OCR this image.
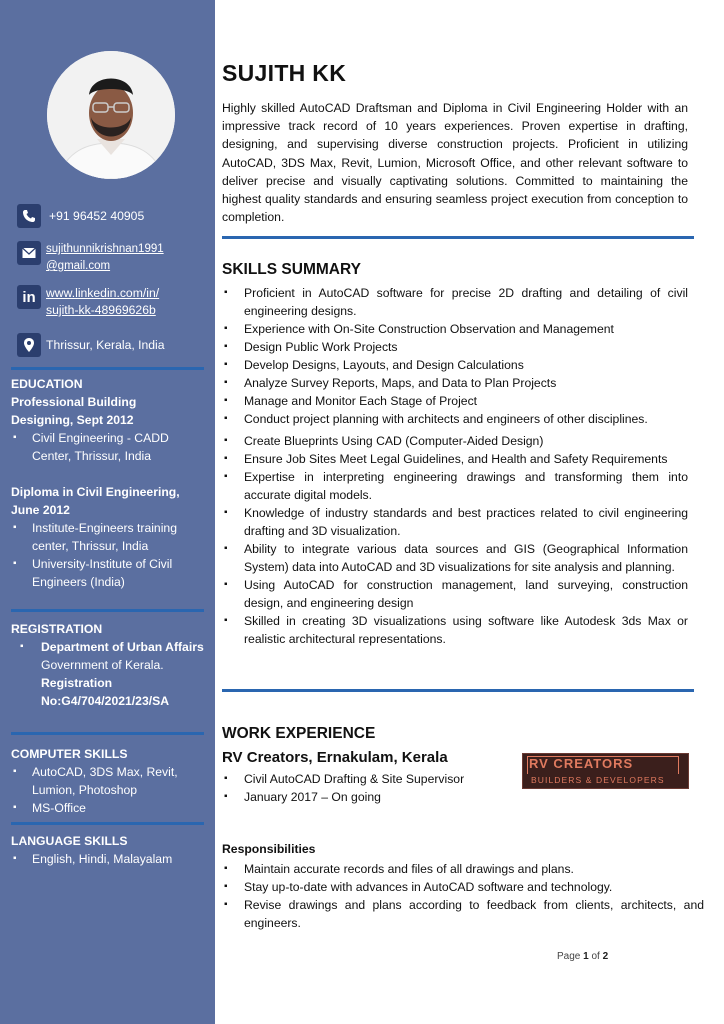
+91 96452 40905
sujithunnikrishnan1991
@gmail.com
in www.linkedin.com/in/
sujith-kk-48969626b
Thrissur, Kerala, India
EDUCATION
Professional Building
Designing, Sept 2012
▪ Civil Engineering - CADD Center, Thrissur, India
Diploma in Civil Engineering,
June 2012
▪ Institute-Engineers training center, Thrissur, India
▪ University-Institute of Civil Engineers (India)
REGISTRATION
▪ Department of Urban Affairs
Government of Kerala.
Registration
No:G4/704/2021/23/SA
COMPUTER SKILLS
▪ AutoCAD, 3DS Max, Revit, Lumion, Photoshop
▪ MS-Office
LANGUAGE SKILLS
▪ English, Hindi, Malayalam
SUJITH KK
Highly skilled AutoCAD Draftsman and Diploma in Civil Engineering Holder with an impressive track record of 10 years experiences. Proven expertise in drafting, designing, and supervising diverse construction projects. Proficient in utilizing AutoCAD, 3DS Max, Revit, Lumion, Microsoft Office, and other relevant software to deliver precise and visually captivating solutions. Committed to maintaining the highest quality standards and ensuring seamless project execution from conception to completion.
SKILLS SUMMARY
▪ Proficient in AutoCAD software for precise 2D drafting and detailing of civil engineering designs.
▪ Experience with On-Site Construction Observation and Management
▪ Design Public Work Projects
▪ Develop Designs, Layouts, and Design Calculations
▪ Analyze Survey Reports, Maps, and Data to Plan Projects
▪ Manage and Monitor Each Stage of Project
▪ Conduct project planning with architects and engineers of other disciplines.
▪ Create Blueprints Using CAD (Computer-Aided Design)
▪ Ensure Job Sites Meet Legal Guidelines, and Health and Safety Requirements
▪ Expertise in interpreting engineering drawings and transforming them into accurate digital models.
▪ Knowledge of industry standards and best practices related to civil engineering drafting and 3D visualization.
▪ Ability to integrate various data sources and GIS (Geographical Information System) data into AutoCAD and 3D visualizations for site analysis and planning.
▪ Using AutoCAD for construction management, land surveying, construction design, and engineering design
▪ Skilled in creating 3D visualizations using software like Autodesk 3ds Max or realistic architectural representations.
WORK EXPERIENCE
RV Creators, Ernakulam, Kerala
▪ Civil AutoCAD Drafting & Site Supervisor
▪ January 2017 – On going
RV CREATORS
BUILDERS & DEVELOPERS
Responsibilities
▪ Maintain accurate records and files of all drawings and plans.
▪ Stay up-to-date with advances in AutoCAD software and technology.
▪ Revise drawings and plans according to feedback from clients, architects, and engineers.
Page 1 of 2
